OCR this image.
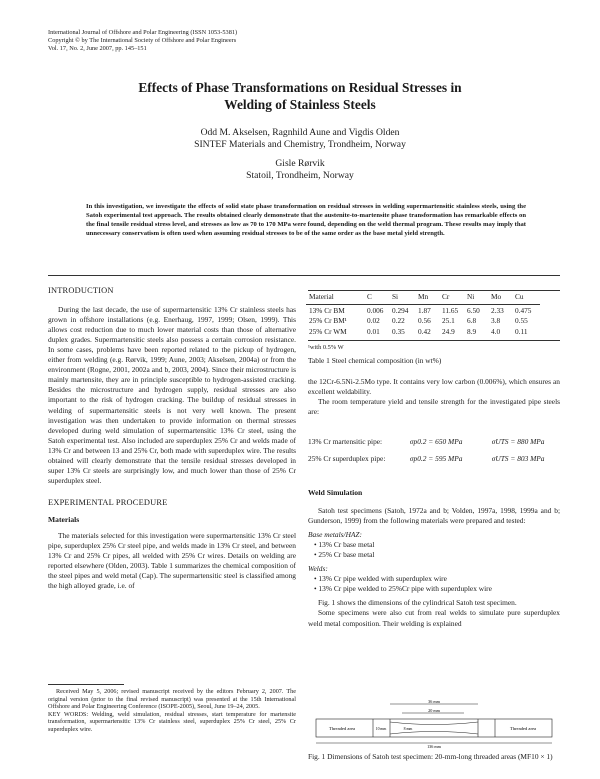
International Journal of Offshore and Polar Engineering (ISSN 1053-5381)
Copyright © by The International Society of Offshore and Polar Engineers
Vol. 17, No. 2, June 2007, pp. 145–151
Effects of Phase Transformations on Residual Stresses in
Welding of Stainless Steels
Odd M. Akselsen, Ragnhild Aune and Vigdis Olden
SINTEF Materials and Chemistry, Trondheim, Norway
Gisle Rørvik
Statoil, Trondheim, Norway
In this investigation, we investigate the effects of solid state phase transformation on residual stresses in welding supermartensitic stainless steels, using the Satoh experimental test approach. The results obtained clearly demonstrate that the austenite-to-martensite phase transformation has remarkable effects on the final tensile residual stress level, and stresses as low as 70 to 170 MPa were found, depending on the weld thermal program. These results may imply that unnecessary conservatism is often used when assuming residual stresses to be of the same order as the base metal yield strength.
INTRODUCTION

During the last decade, the use of supermartensitic 13% Cr stainless steels has grown in offshore installations (e.g. Enerhaug, 1997, 1999; Olsen, 1999). This allows cost reduction due to much lower material costs than those of alternative duplex grades. Supermartensitic steels also possess a certain corrosion resistance. In some cases, problems have been reported related to the pickup of hydrogen, either from welding (e.g. Rørvik, 1999; Aune, 2003; Akselsen, 2004a) or from the environment (Rogne, 2001, 2002a and b, 2003, 2004). Since their microstructure is mainly martensite, they are in principle susceptible to hydrogen-assisted cracking. Besides the microstructure and hydrogen supply, residual stresses are also important to the risk of hydrogen cracking. The buildup of residual stresses in welding of supermartensitic steels is not very well known. The present investigation was then undertaken to provide information on thermal stresses developed during weld simulation of supermartensitic 13% Cr steel, using the Satoh experimental test. Also included are superduplex 25% Cr and welds made of 13% Cr and between 13 and 25% Cr, both made with superduplex wire. The results obtained will clearly demonstrate that the tensile residual stresses developed in super 13% Cr steels are surprisingly low, and much lower than those of 25% Cr superduplex steel.

EXPERIMENTAL PROCEDURE
Materials

The materials selected for this investigation were supermartensitic 13% Cr steel pipe, superduplex 25% Cr steel pipe, and welds made in 13% Cr steel, and between 13% Cr and 25% Cr pipes, all welded with 25% Cr wires. Details on welding are reported elsewhere (Olden, 2003). Table 1 summarizes the chemical composition of the steel pipes and weld metal (Cap). The supermartensitic steel is classified among the high alloyed grade, i.e. of

Received May 5, 2006; revised manuscript received by the editors February 2, 2007. The original version (prior to the final revised manuscript) was presented at the 15th International Offshore and Polar Engineering Conference (ISOPE-2005), Seoul, June 19–24, 2005.

KEY WORDS: Welding, weld simulation, residual stresses, start temperature for martensite transformation, supermartensitic 13% Cr stainless steel, superduplex 25% Cr steel, 25% Cr superduplex wire.

Material	C	Si	Mn	Cr	Ni	Mo	Cu

13% Cr BM	0.006	0.294	1.87	11.65	6.50	2.33	0.475
25% Cr BM¹	0.02	0.22	0.56	25.1	6.8	3.8	0.55
25% Cr WM	0.01	0.35	0.42	24.9	8.9	4.0	0.11
¹with 0.5% W
Table 1 Steel chemical composition (in wt%)

the 12Cr-6.5Ni-2.5Mo type. It contains very low carbon (0.006%), which ensures an excellent weldability.

The room temperature yield and tensile strength for the investigated pipe steels are:

13% Cr martensitic pipe:	σp0.2 = 650 MPa	σUTS = 880 MPa
25% Cr superduplex pipe:	σp0.2 = 595 MPa	σUTS = 803 MPa
Weld Simulation

Satoh test specimens (Satoh, 1972a and b; Volden, 1997a, 1998, 1999a and b; Gunderson, 1999) from the following materials were prepared and tested:

Base metals/HAZ:
• 13% Cr base metal
• 25% Cr base metal
Welds:
• 13% Cr pipe welded with superduplex wire
• 13% Cr pipe welded to 25%Cr pipe with superduplex wire

Fig. 1 shows the dimensions of the cylindrical Satoh test specimen.

Some specimens were also cut from real welds to simulate pure superduplex weld metal composition. Their welding is explained

36 mm
20 mm
Threaded area	Threaded area
10 mm	8 mm
136 mm
Fig. 1 Dimensions of Satoh test specimen: 20-mm-long threaded areas (MF10 × 1)
